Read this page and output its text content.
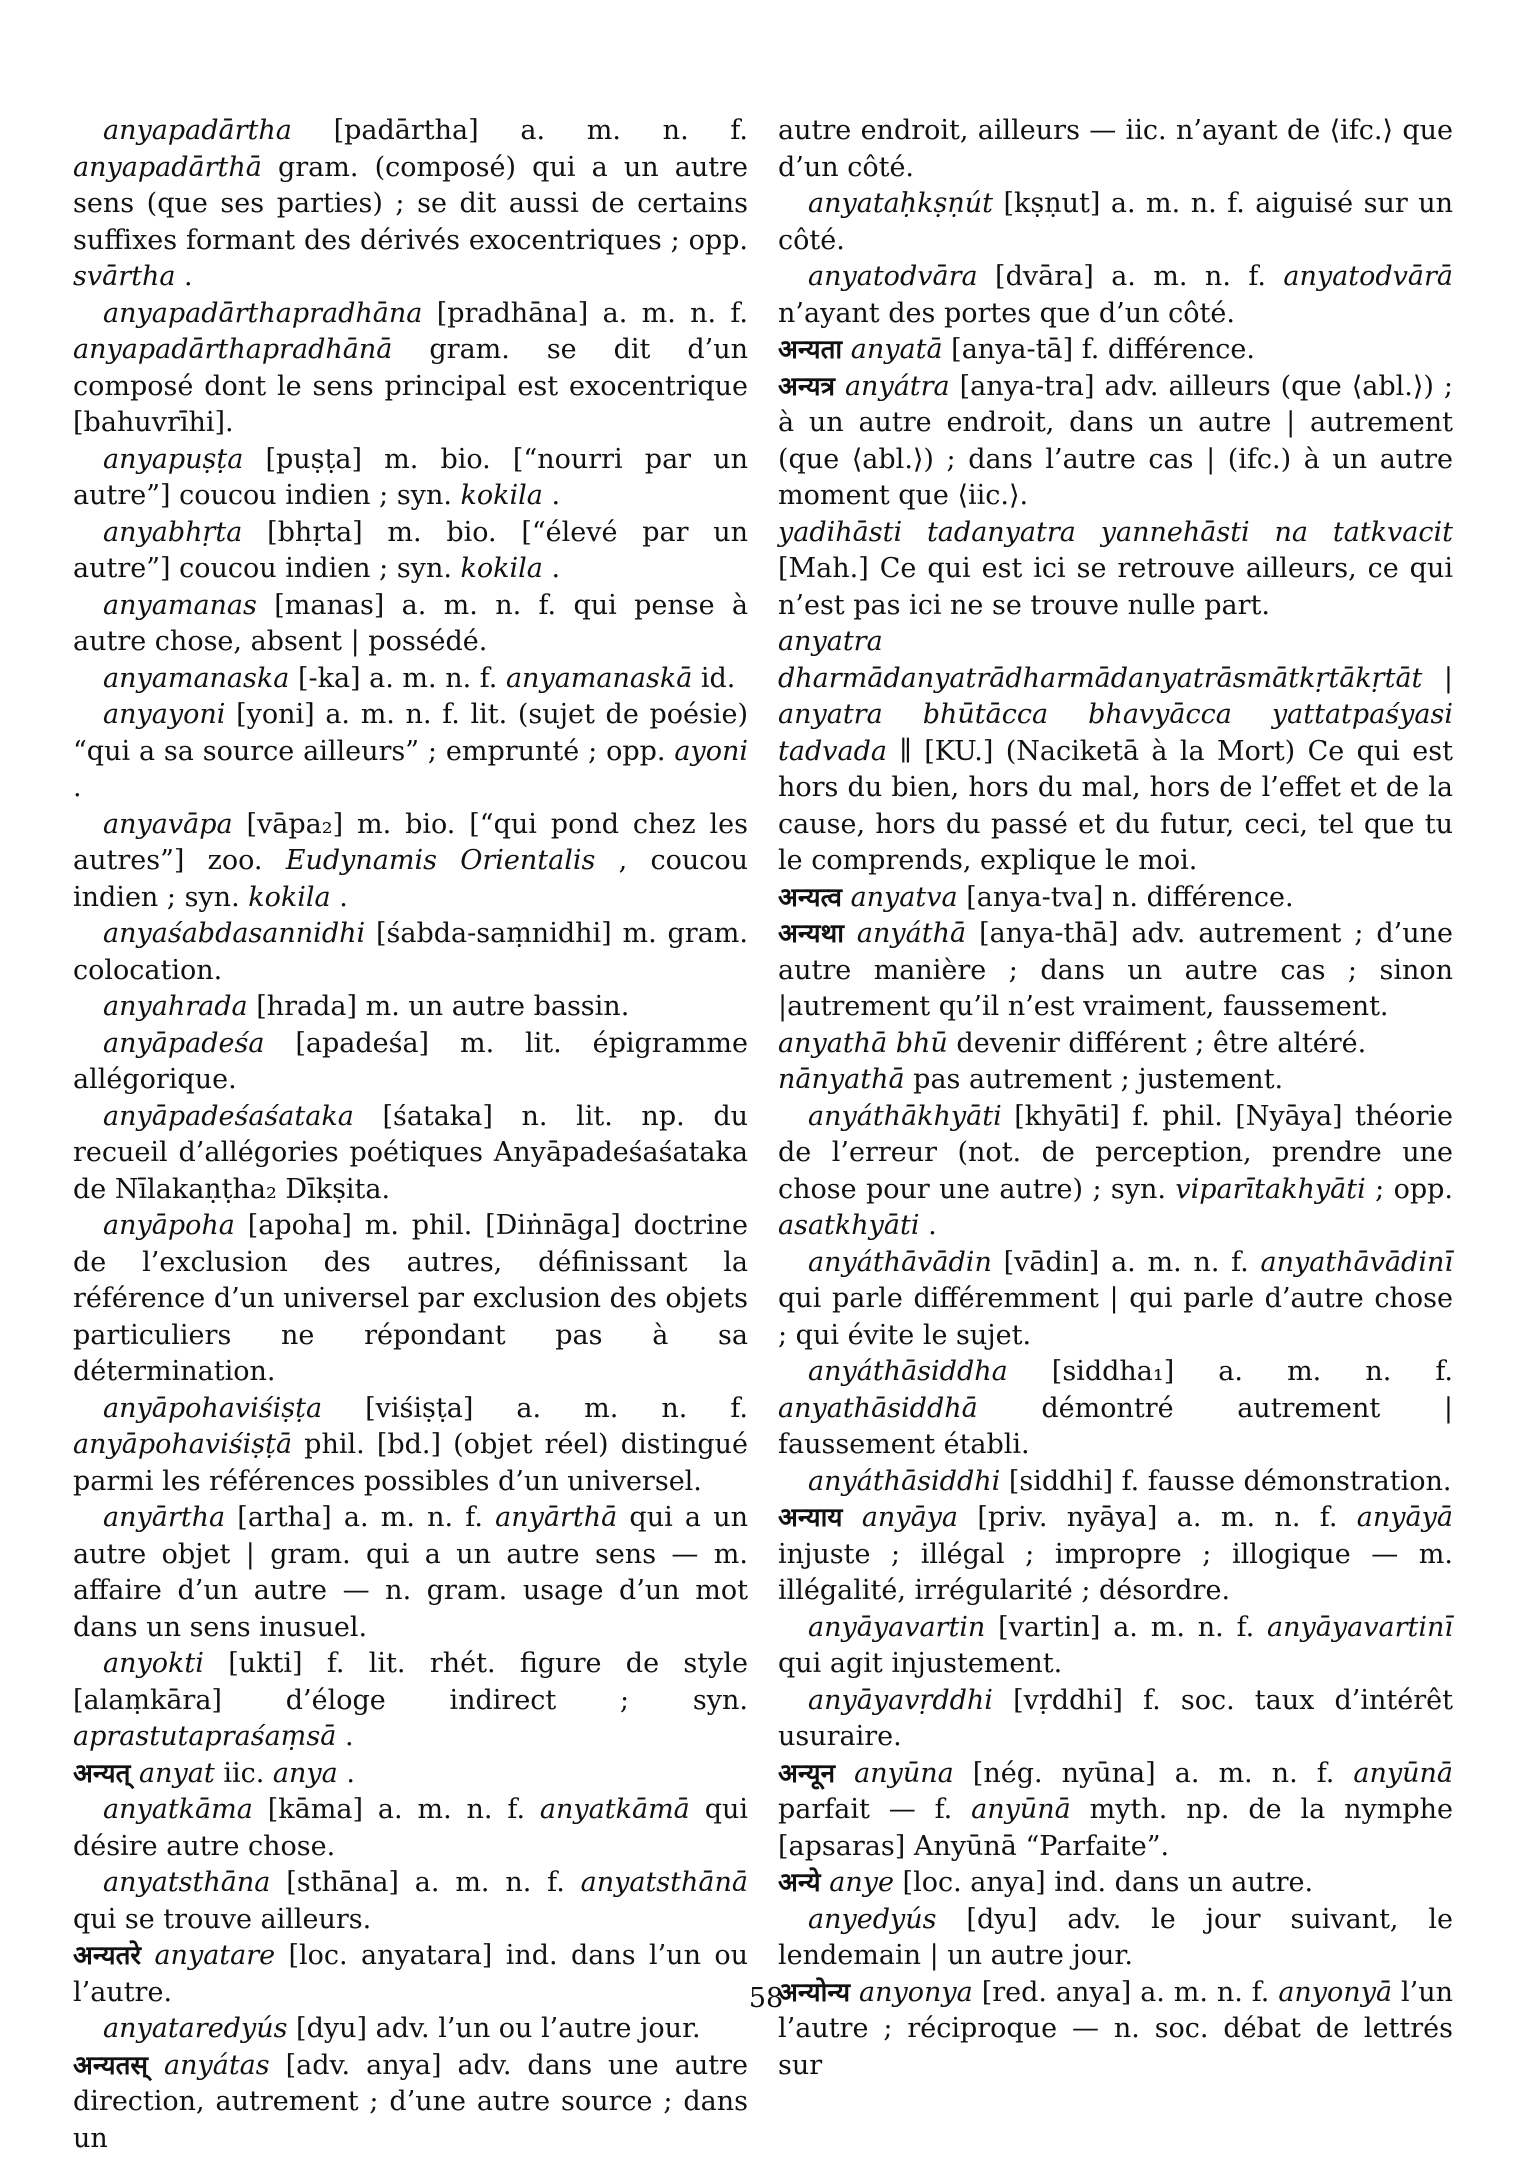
anyapadārtha [padārtha] a. m. n. f. anyapadārthā gram. (composé) qui a un autre sens (que ses parties) ; se dit aussi de certains suffixes formant des dérivés exocentriques ; opp. svārtha .

anyapadārthapradhāna [pradhāna] a. m. n. f. anyapadārthapradhānā gram. se dit d’un composé dont le sens principal est exocentrique [bahuvrīhi].

anyapuṣṭa [puṣṭa] m. bio. [“nourri par un autre”] coucou indien ; syn. kokila .

anyabhṛta [bhṛta] m. bio. [“élevé par un autre”] coucou indien ; syn. kokila .

anyamanas [manas] a. m. n. f. qui pense à autre chose, absent | possédé.

anyamanaska [-ka] a. m. n. f. anyamanaskā id.

anyayoni [yoni] a. m. n. f. lit. (sujet de poésie) “qui a sa source ailleurs” ; emprunté ; opp. ayoni .

anyavāpa [vāpa₂] m. bio. [“qui pond chez les autres”] zoo. Eudynamis Orientalis , coucou indien ; syn. kokila .

anyaśabdasannidhi [śabda-saṃnidhi] m. gram. colocation.

anyahrada [hrada] m. un autre bassin.

anyāpadeśa [apadeśa] m. lit. épigramme allégorique.

anyāpadeśaśataka [śataka] n. lit. np. du recueil d’allégories poétiques Anyāpadeśaśataka de Nīlakaṇṭha₂ Dīkṣita.

anyāpoha [apoha] m. phil. [Diṅnāga] doctrine de l’exclusion des autres, définissant la référence d’un universel par exclusion des objets particuliers ne répondant pas à sa détermination.

anyāpohaviśiṣṭa [viśiṣṭa] a. m. n. f. anyāpohaviśiṣṭā phil. [bd.] (objet réel) distingué parmi les références possibles d’un universel.

anyārtha [artha] a. m. n. f. anyārthā qui a un autre objet | gram. qui a un autre sens — m. affaire d’un autre — n. gram. usage d’un mot dans un sens inusuel.

anyokti [ukti] f. lit. rhét. figure de style [alaṃkāra] d’éloge indirect ; syn. aprastutapraśaṃsā .

अन्यत् anyat iic. anya .

anyatkāma [kāma] a. m. n. f. anyatkāmā qui désire autre chose.

anyatsthāna [sthāna] a. m. n. f. anyatsthānā qui se trouve ailleurs.

अन्यतरे anyatare [loc. anyatara] ind. dans l’un ou l’autre.

anyataredyús [dyu] adv. l’un ou l’autre jour.

अन्यतस् anyátas [adv. anya] adv. dans une autre direction, autrement ; d’une autre source ; dans un

autre endroit, ailleurs — iic. n’ayant de ⟨ifc.⟩ que d’un côté.

anyataḥkṣṇút [kṣṇut] a. m. n. f. aiguisé sur un côté.

anyatodvāra [dvāra] a. m. n. f. anyatodvārā n’ayant des portes que d’un côté.

अन्यता anyatā [anya-tā] f. différence.

अन्यत्र anyátra [anya-tra] adv. ailleurs (que ⟨abl.⟩) ; à un autre endroit, dans un autre | autrement (que ⟨abl.⟩) ; dans l’autre cas | (ifc.) à un autre moment que ⟨iic.⟩.

yadihāsti tadanyatra yannehāsti na tatkvacit [Mah.] Ce qui est ici se retrouve ailleurs, ce qui n’est pas ici ne se trouve nulle part.

anyatra dharmādanyatrādharmādanyatrāsmātkṛtākṛtāt | anyatra bhūtācca bhavyācca yattatpaśyasi tadvada ∥ [KU.] (Naciketā à la Mort) Ce qui est hors du bien, hors du mal, hors de l’effet et de la cause, hors du passé et du futur, ceci, tel que tu le comprends, explique le moi.

अन्यत्व anyatva [anya-tva] n. différence.

अन्यथा anyáthā [anya-thā] adv. autrement ; d’une autre manière ; dans un autre cas ; sinon |autrement qu’il n’est vraiment, faussement.

anyathā bhū devenir différent ; être altéré.

nānyathā pas autrement ; justement.

anyáthākhyāti [khyāti] f. phil. [Nyāya] théorie de l’erreur (not. de perception, prendre une chose pour une autre) ; syn. viparītakhyāti ; opp. asatkhyāti .

anyáthāvādin [vādin] a. m. n. f. anyathāvādinī qui parle différemment | qui parle d’autre chose ; qui évite le sujet.

anyáthāsiddha [siddha₁] a. m. n. f. anyathāsiddhā démontré autrement | faussement établi.

anyáthāsiddhi [siddhi] f. fausse démonstration.

अन्याय anyāya [priv. nyāya] a. m. n. f. anyāyā injuste ; illégal ; impropre ; illogique — m. illégalité, irrégularité ; désordre.

anyāyavartin [vartin] a. m. n. f. anyāyavartinī qui agit injustement.

anyāyavṛddhi [vṛddhi] f. soc. taux d’intérêt usuraire.

अन्यून anyūna [nég. nyūna] a. m. n. f. anyūnā parfait — f. anyūnā myth. np. de la nymphe [apsaras] Anyūnā “Parfaite”.

अन्ये anye [loc. anya] ind. dans un autre.

anyedyús [dyu] adv. le jour suivant, le lendemain | un autre jour.

अन्योन्य anyonya [red. anya] a. m. n. f. anyonyā l’un l’autre ; réciproque — n. soc. débat de lettrés sur

58
